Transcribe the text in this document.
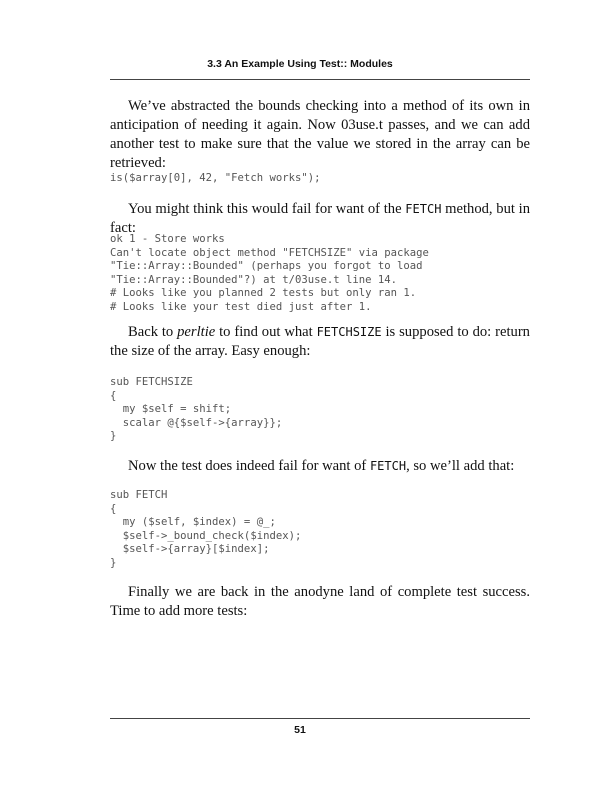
3.3 An Example Using Test:: Modules

We’ve abstracted the bounds checking into a method of its own in anticipation of needing it again. Now 03use.t passes, and we can add another test to make sure that the value we stored in the array can be retrieved:

is($array[0], 42, "Fetch works");

You might think this would fail for want of the FETCH method, but in fact:

ok 1 - Store works
Can't locate object method "FETCHSIZE" via package
"Tie::Array::Bounded" (perhaps you forgot to load
"Tie::Array::Bounded"?) at t/03use.t line 14.
# Looks like you planned 2 tests but only ran 1.
# Looks like your test died just after 1.

Back to perltie to find out what FETCHSIZE is supposed to do: return the size of the array. Easy enough:

sub FETCHSIZE
{
my $self = shift;
scalar @{$self->{array}};
}

Now the test does indeed fail for want of FETCH, so we’ll add that:

sub FETCH
{
my ($self, $index) = @_;
$self->_bound_check($index);
$self->{array}[$index];
}

Finally we are back in the anodyne land of complete test success. Time to add more tests:

51
